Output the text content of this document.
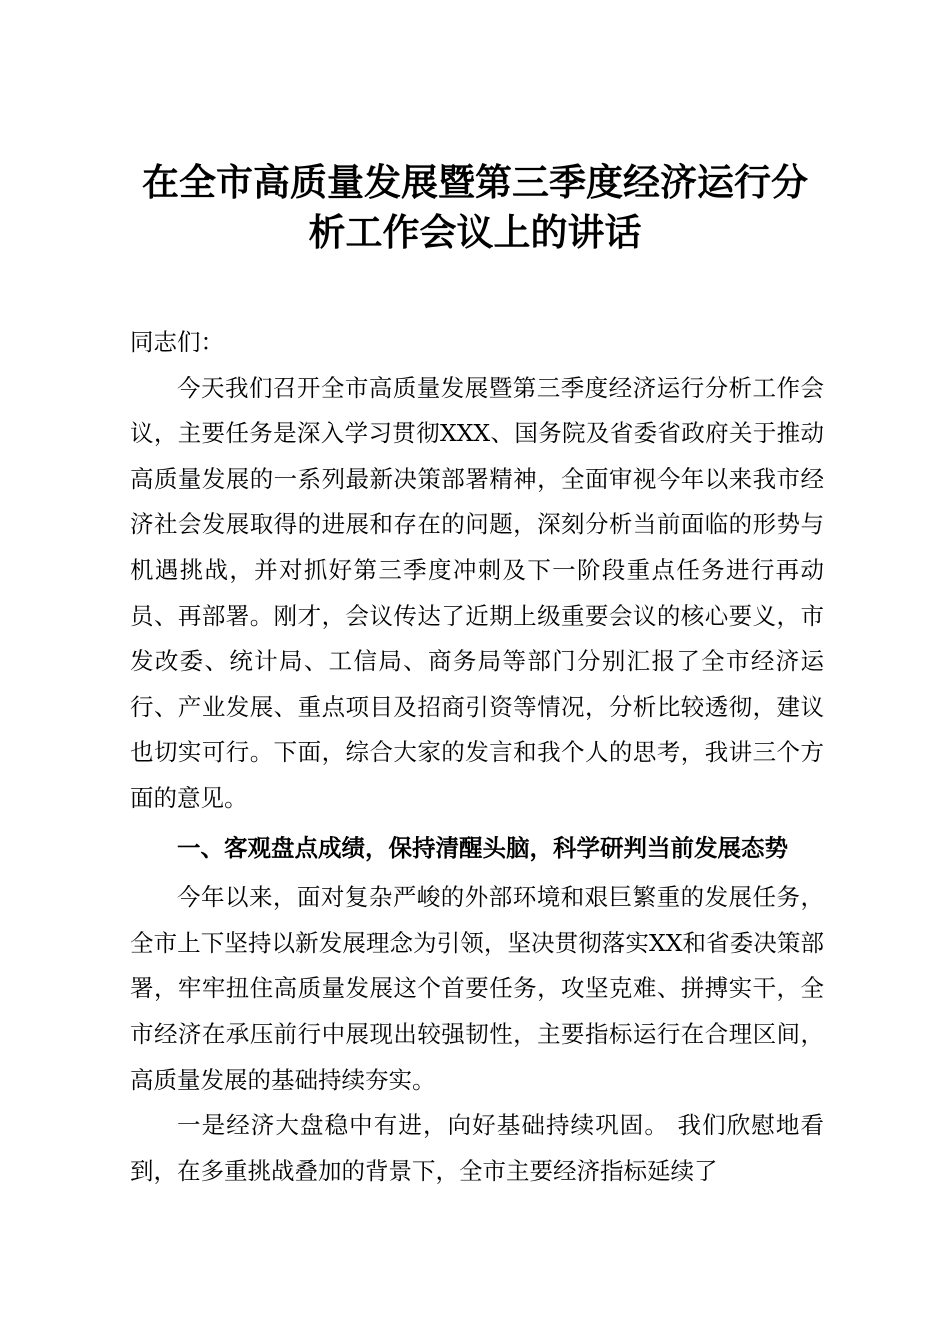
在全市高质量发展暨第三季度经济运行分析工作会议上的讲话

同志们：

今天我们召开全市高质量发展暨第三季度经济运行分析工作会议，主要任务是深入学习贯彻XXX、国务院及省委省政府关于推动高质量发展的一系列最新决策部署精神，全面审视今年以来我市经济社会发展取得的进展和存在的问题，深刻分析当前面临的形势与机遇挑战，并对抓好第三季度冲刺及下一阶段重点任务进行再动员、再部署。刚才，会议传达了近期上级重要会议的核心要义，市发改委、统计局、工信局、商务局等部门分别汇报了全市经济运行、产业发展、重点项目及招商引资等情况，分析比较透彻，建议也切实可行。下面，综合大家的发言和我个人的思考，我讲三个方面的意见。

一、客观盘点成绩，保持清醒头脑，科学研判当前发展态势

今年以来，面对复杂严峻的外部环境和艰巨繁重的发展任务，全市上下坚持以新发展理念为引领，坚决贯彻落实XX和省委决策部署，牢牢扭住高质量发展这个首要任务，攻坚克难、拼搏实干，全市经济在承压前行中展现出较强韧性，主要指标运行在合理区间，高质量发展的基础持续夯实。

一是经济大盘稳中有进，向好基础持续巩固。 我们欣慰地看到，在多重挑战叠加的背景下，全市主要经济指标延续了
